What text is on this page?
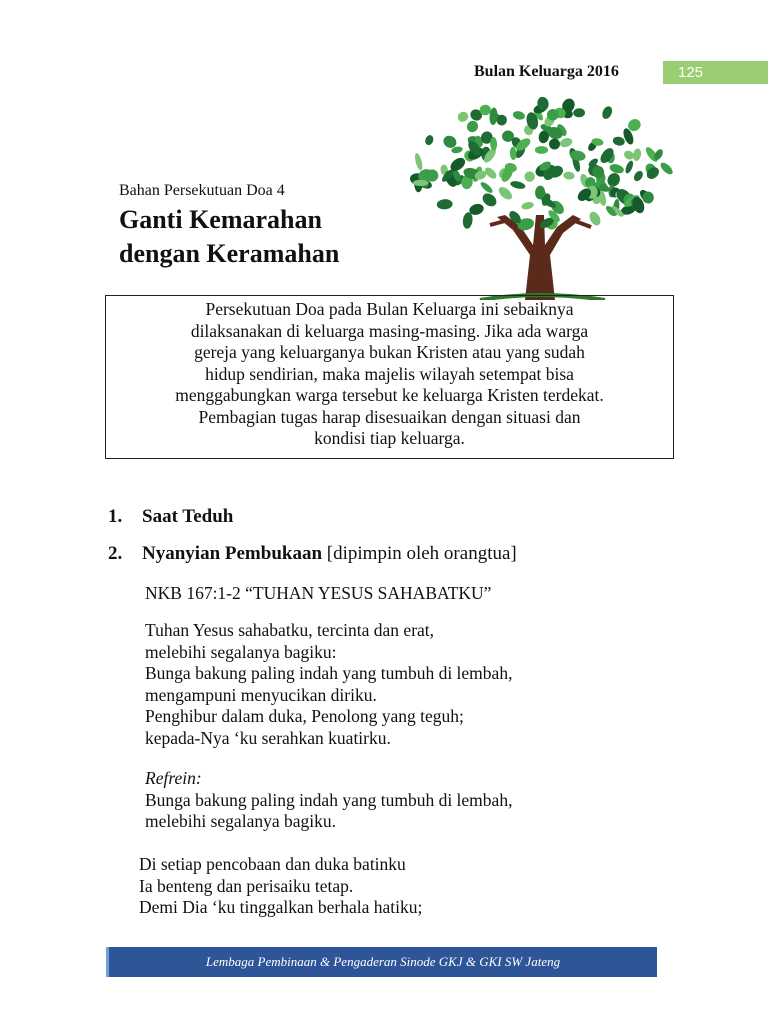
Bulan Keluarga 2016	125
Bahan Persekutuan Doa 4
Ganti Kemarahan
dengan Keramahan
Persekutuan Doa pada Bulan Keluarga ini sebaiknya
dilaksanakan di keluarga masing-masing. Jika ada warga
gereja yang keluarganya bukan Kristen atau yang sudah
hidup sendirian, maka majelis wilayah setempat bisa
menggabungkan warga tersebut ke keluarga Kristen terdekat.
Pembagian tugas harap disesuaikan dengan situasi dan
kondisi tiap keluarga.
1. Saat Teduh
2. Nyanyian Pembukaan [dipimpin oleh orangtua]
NKB 167:1-2 “TUHAN YESUS SAHABATKU”
Tuhan Yesus sahabatku, tercinta dan erat,
melebihi segalanya bagiku:
Bunga bakung paling indah yang tumbuh di lembah,
mengampuni menyucikan diriku.
Penghibur dalam duka, Penolong yang teguh;
kepada-Nya ‘ku serahkan kuatirku.
Refrein:
Bunga bakung paling indah yang tumbuh di lembah,
melebihi segalanya bagiku.
Di setiap pencobaan dan duka batinku
Ia benteng dan perisaiku tetap.
Demi Dia ‘ku tinggalkan berhala hatiku;
Lembaga Pembinaan & Pengaderan Sinode GKJ & GKI SW Jateng
